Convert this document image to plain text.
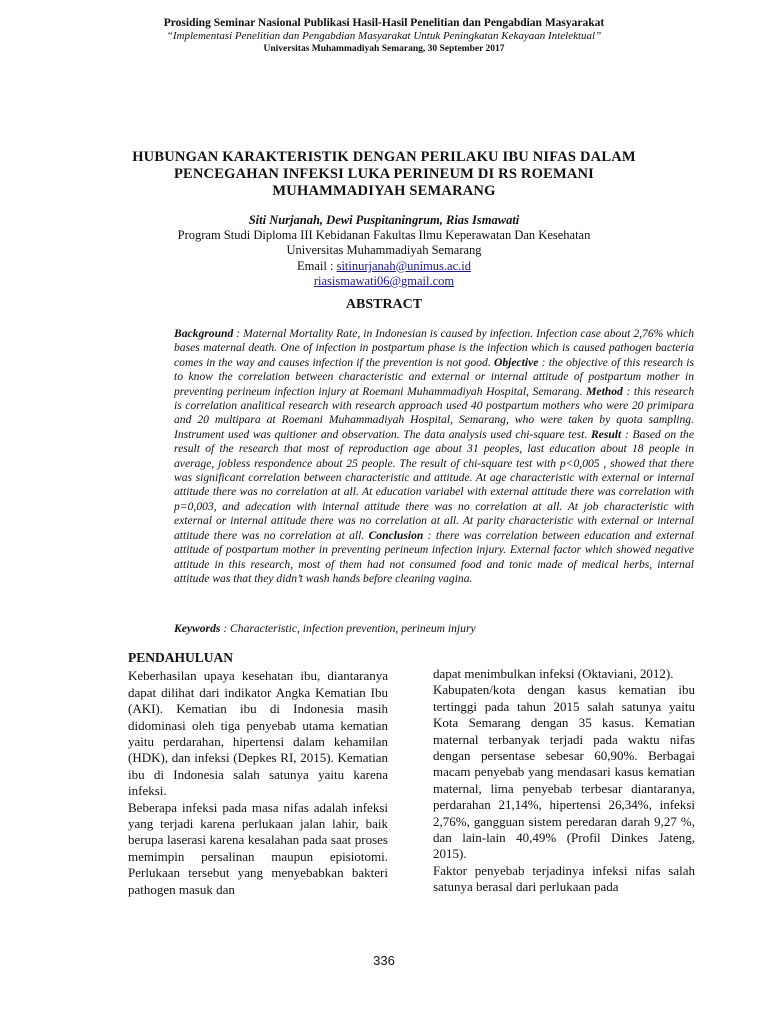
Prosiding Seminar Nasional Publikasi Hasil-Hasil Penelitian dan Pengabdian Masyarakat
“Implementasi Penelitian dan Pengabdian Masyarakat Untuk Peningkatan Kekayaan Intelektual”
Universitas Muhammadiyah Semarang, 30 September 2017
HUBUNGAN KARAKTERISTIK DENGAN PERILAKU IBU NIFAS DALAM
PENCEGAHAN INFEKSI LUKA PERINEUM DI RS ROEMANI
MUHAMMADIYAH SEMARANG
Siti Nurjanah, Dewi Puspitaningrum, Rias Ismawati
Program Studi Diploma III Kebidanan Fakultas Ilmu Keperawatan Dan Kesehatan
Universitas Muhammadiyah Semarang
Email : sitinurjanah@unimus.ac.id
riasismawati06@gmail.com
ABSTRACT
Background : Maternal Mortality Rate, in Indonesian is caused by infection. Infection case about 2,76% which bases maternal death. One of infection in postpartum phase is the infection which is caused pathogen bacteria comes in the way and causes infection if the prevention is not good. Objective : the objective of this research is to know the correlation between characteristic and external or internal attitude of postpartum mother in preventing perineum infection injury at Roemani Muhammadiyah Hospital, Semarang. Method : this research is correlation analitical research with research approach used 40 postpartum mothers who were 20 primipara and 20 multipara at Roemani Muhammadiyah Hospital, Semarang, who were taken by quota sampling. Instrument used was quitioner and observation. The data analysis used chi-square test. Result : Based on the result of the research that most of reproduction age about 31 peoples, last education about 18 people in average, jobless respondence about 25 people. The result of chi-square test with p<0,005 , showed that there was significant correlation between characteristic and attitude. At age characteristic with external or internal attitude there was no correlation at all. At education variabel with external attitude there was correlation with p=0,003, and adecation with internal attitude there was no correlation at all. At job characteristic with external or internal attitude there was no correlation at all. At parity characteristic with external or internal attitude there was no correlation at all. Conclusion : there was correlation between education and external attitude of postpartum mother in preventing perineum infection injury. External factor which showed negative attitude in this research, most of them had not consumed food and tonic made of medical herbs, internal attitude was that they didn’t wash hands before cleaning vagina.
Keywords : Characteristic, infection prevention, perineum injury
PENDAHULUAN

Keberhasilan upaya kesehatan ibu, diantaranya dapat dilihat dari indikator Angka Kematian Ibu (AKI). Kematian ibu di Indonesia masih didominasi oleh tiga penyebab utama kematian yaitu perdarahan, hipertensi dalam kehamilan (HDK), dan infeksi (Depkes RI, 2015). Kematian ibu di Indonesia salah satunya yaitu karena infeksi.

Beberapa infeksi pada masa nifas adalah infeksi yang terjadi karena perlukaan jalan lahir, baik berupa laserasi karena kesalahan pada saat proses memimpin persalinan maupun episiotomi. Perlukaan tersebut yang menyebabkan bakteri pathogen masuk dan

dapat menimbulkan infeksi (Oktaviani, 2012).

Kabupaten/kota dengan kasus kematian ibu tertinggi pada tahun 2015 salah satunya yaitu Kota Semarang dengan 35 kasus. Kematian maternal terbanyak terjadi pada waktu nifas dengan persentase sebesar 60,90%. Berbagai macam penyebab yang mendasari kasus kematian maternal, lima penyebab terbesar diantaranya, perdarahan 21,14%, hipertensi 26,34%, infeksi 2,76%, gangguan sistem peredaran darah 9,27 %, dan lain-lain 40,49% (Profil Dinkes Jateng, 2015).

Faktor penyebab terjadinya infeksi nifas salah satunya berasal dari perlukaan pada

336
